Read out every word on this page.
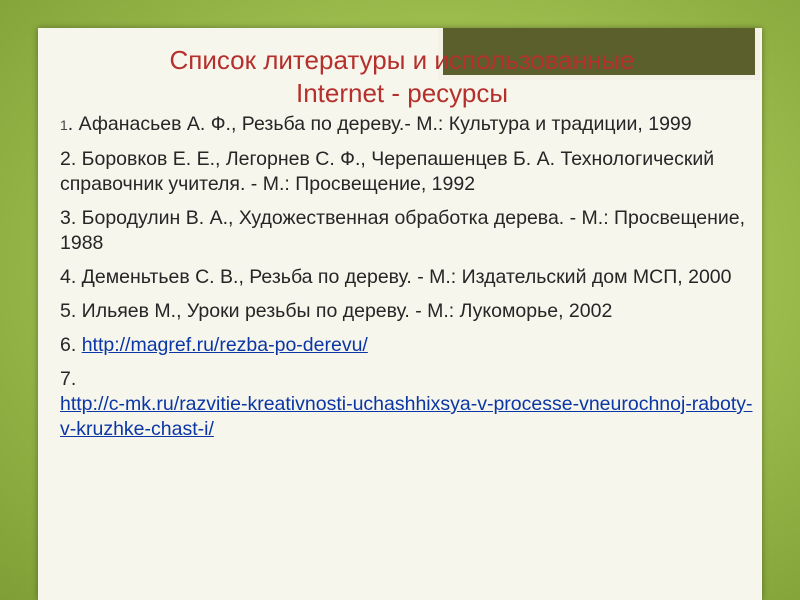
Список литературы и использованные
Internet - ресурсы

1. Афанасьев А. Ф., Резьба по дереву.- М.: Культура и традиции, 1999

2. Боровков Е. Е., Легорнев С. Ф., Черепашенцев Б. А. Технологический справочник учителя. - М.: Просвещение, 1992

3. Бородулин В. А., Художественная обработка дерева. - М.: Просвещение, 1988

4. Деменьтьев С. В., Резьба по дереву. - М.: Издательский дом МСП, 2000

5. Ильяев М., Уроки резьбы по дереву. - М.: Лукоморье, 2002

6. http://magref.ru/rezba-po-derevu/

7.
http://c-mk.ru/razvitie-kreativnosti-uchashhixsya-v-processe-vneurochnoj-raboty-v-kruzhke-chast-i/
